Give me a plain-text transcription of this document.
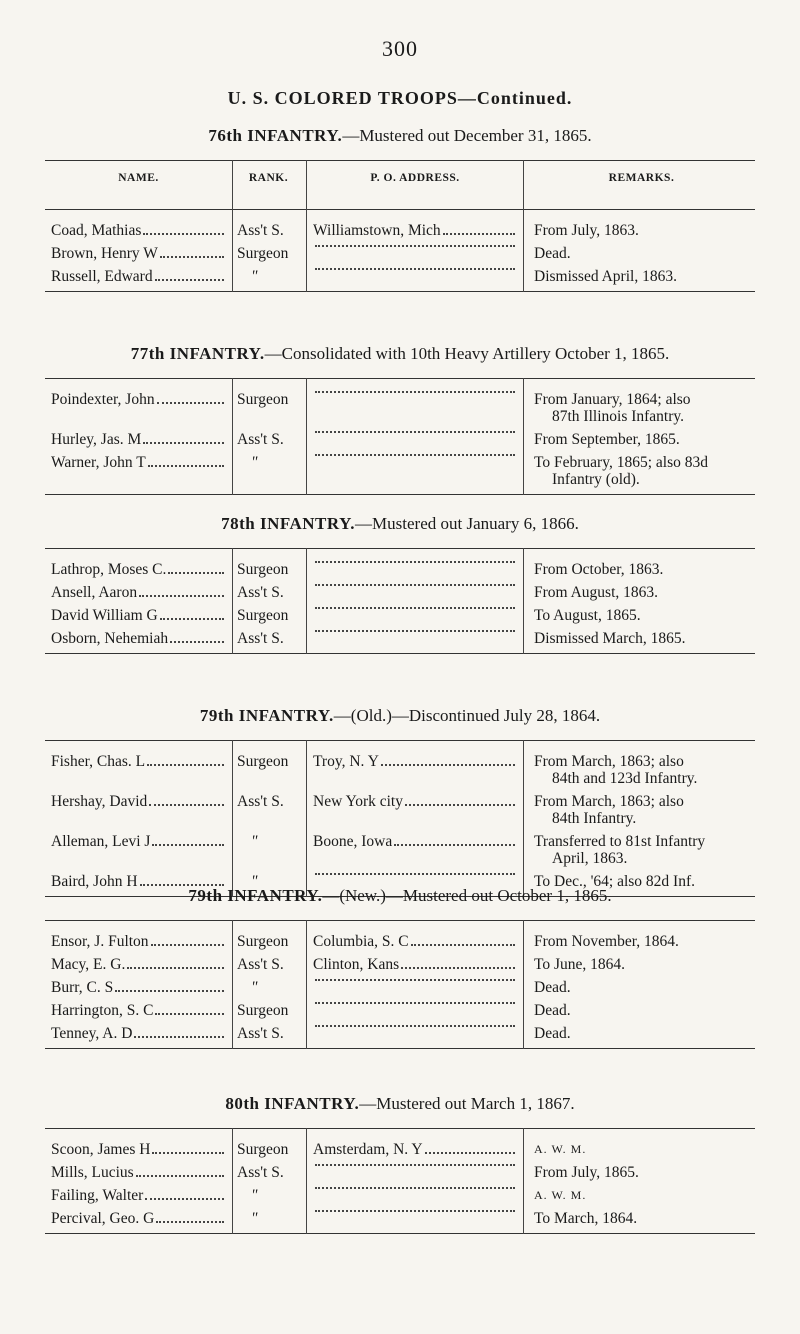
300
U. S. COLORED TROOPS—Continued.
76th INFANTRY.—Mustered out December 31, 1865.
NAME.	RANK.	P. O. ADDRESS.	REMARKS.

Coad, Mathias	Ass't S.	Williamstown, Mich	From July, 1863.

Brown, Henry W	Surgeon		Dead.

Russell, Edward	"		Dismissed April, 1863.
77th INFANTRY.—Consolidated with 10th Heavy Artillery October 1, 1865.
Poindexter, John	Surgeon		From January, 1864; also
87th Illinois Infantry.

Hurley, Jas. M	Ass't S.		From September, 1865.

Warner, John T	"		To February, 1865; also 83d
Infantry (old).
78th INFANTRY.—Mustered out January 6, 1866.
Lathrop, Moses C.	Surgeon		From October, 1863.

Ansell, Aaron	Ass't S.		From August, 1863.

David William G	Surgeon		To August, 1865.

Osborn, Nehemiah	Ass't S.		Dismissed March, 1865.
79th INFANTRY.—(Old.)—Discontinued July 28, 1864.
Fisher, Chas. L	Surgeon	Troy, N. Y	From March, 1863; also
84th and 123d Infantry.

Hershay, David	Ass't S.	New York city	From March, 1863; also
84th Infantry.

Alleman, Levi J	"	Boone, Iowa	Transferred to 81st Infantry
April, 1863.

Baird, John H	"		To Dec., '64; also 82d Inf.
79th INFANTRY.—(New.)—Mustered out October 1, 1865.
Ensor, J. Fulton	Surgeon	Columbia, S. C	From November, 1864.

Macy, E. G.	Ass't S.	Clinton, Kans	To June, 1864.

Burr, C. S	"		Dead.

Harrington, S. C	Surgeon		Dead.

Tenney, A. D	Ass't S.		Dead.
80th INFANTRY.—Mustered out March 1, 1867.
Scoon, James H	Surgeon	Amsterdam, N. Y	A. W. M.

Mills, Lucius	Ass't S.		From July, 1865.

Failing, Walter	"		A. W. M.

Percival, Geo. G	"		To March, 1864.
